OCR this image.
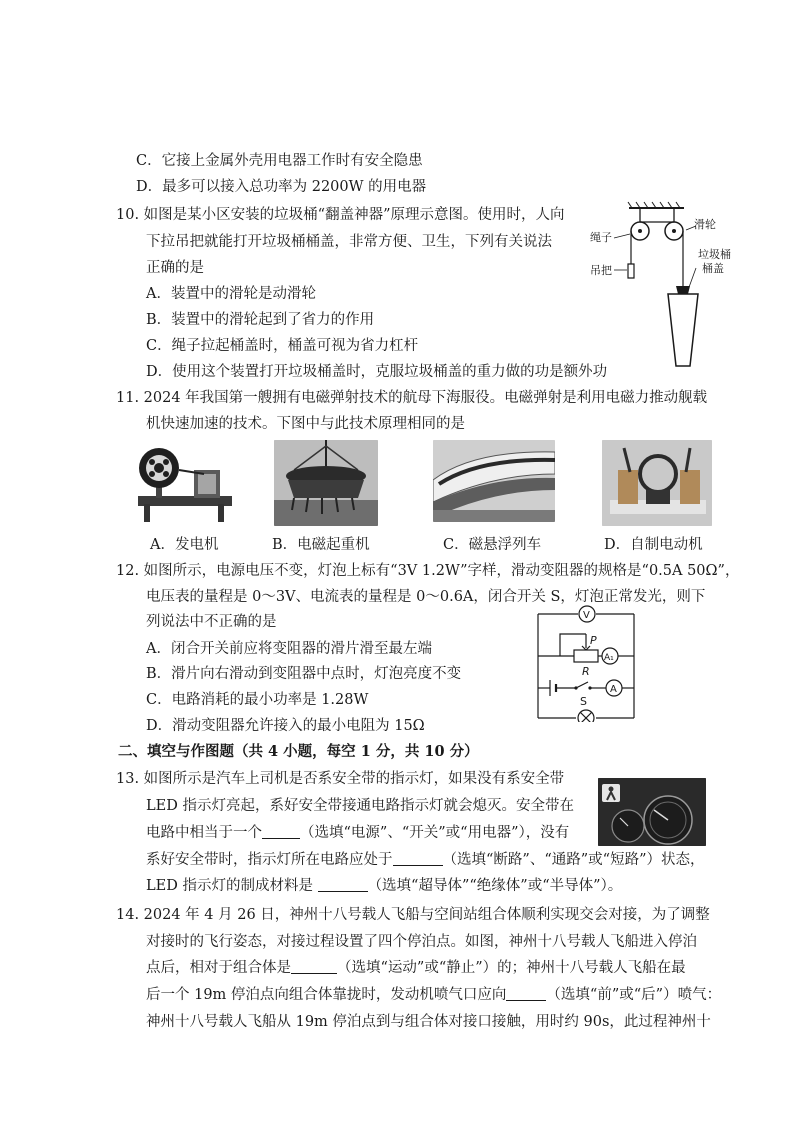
C．它接上金属外壳用电器工作时有安全隐患
D．最多可以接入总功率为 2200W 的用电器
10. 如图是某小区安装的垃圾桶“翻盖神器”原理示意图。使用时，人向
下拉吊把就能打开垃圾桶桶盖，非常方便、卫生，下列有关说法
正确的是
A．装置中的滑轮是动滑轮
B．装置中的滑轮起到了省力的作用
C．绳子拉起桶盖时，桶盖可视为省力杠杆
D．使用这个装置打开垃圾桶盖时，克服垃圾桶盖的重力做的功是额外功
滑轮
绳子
吊把
垃圾桶
桶盖
11. 2024 年我国第一艘拥有电磁弹射技术的航母下海服役。电磁弹射是利用电磁力推动舰载
机快速加速的技术。下图中与此技术原理相同的是
A．发电机	B．电磁起重机	C．磁悬浮列车	D．自制电动机
12. 如图所示，电源电压不变，灯泡上标有“3V 1.2W”字样，滑动变阻器的规格是“0.5A 50Ω”，
电压表的量程是 0～3V、电流表的量程是 0～0.6A，闭合开关 S，灯泡正常发光，则下
列说法中不正确的是
A．闭合开关前应将变阻器的滑片滑至最左端
B．滑片向右滑动到变阻器中点时，灯泡亮度不变
C．电路消耗的最小功率是 1.28W
D．滑动变阻器允许接入的最小电阻为 15Ω
V
A₁
A
P
R
S
二、填空与作图题（共 4 小题，每空 1 分，共 10 分）
13. 如图所示是汽车上司机是否系安全带的指示灯，如果没有系安全带
LED 指示灯亮起，系好安全带接通电路指示灯就会熄灭。安全带在
电路中相当于一个	（选填“电源”、“开关”或“用电器”），没有
系好安全带时，指示灯所在电路应处于	（选填“断路”、“通路”或“短路”）状态，
LED 指示灯的制成材料是	（选填“超导体”“绝缘体”或“半导体”）。
14. 2024 年 4 月 26 日，神州十八号载人飞船与空间站组合体顺利实现交会对接，为了调整
对接时的飞行姿态，对接过程设置了四个停泊点。如图，神州十八号载人飞船进入停泊
点后，相对于组合体是	（选填“运动”或“静止”）的；神州十八号载人飞船在最
后一个 19m 停泊点向组合体靠拢时，发动机喷气口应向	（选填“前”或“后”）喷气：
神州十八号载人飞船从 19m 停泊点到与组合体对接口接触，用时约 90s，此过程神州十
